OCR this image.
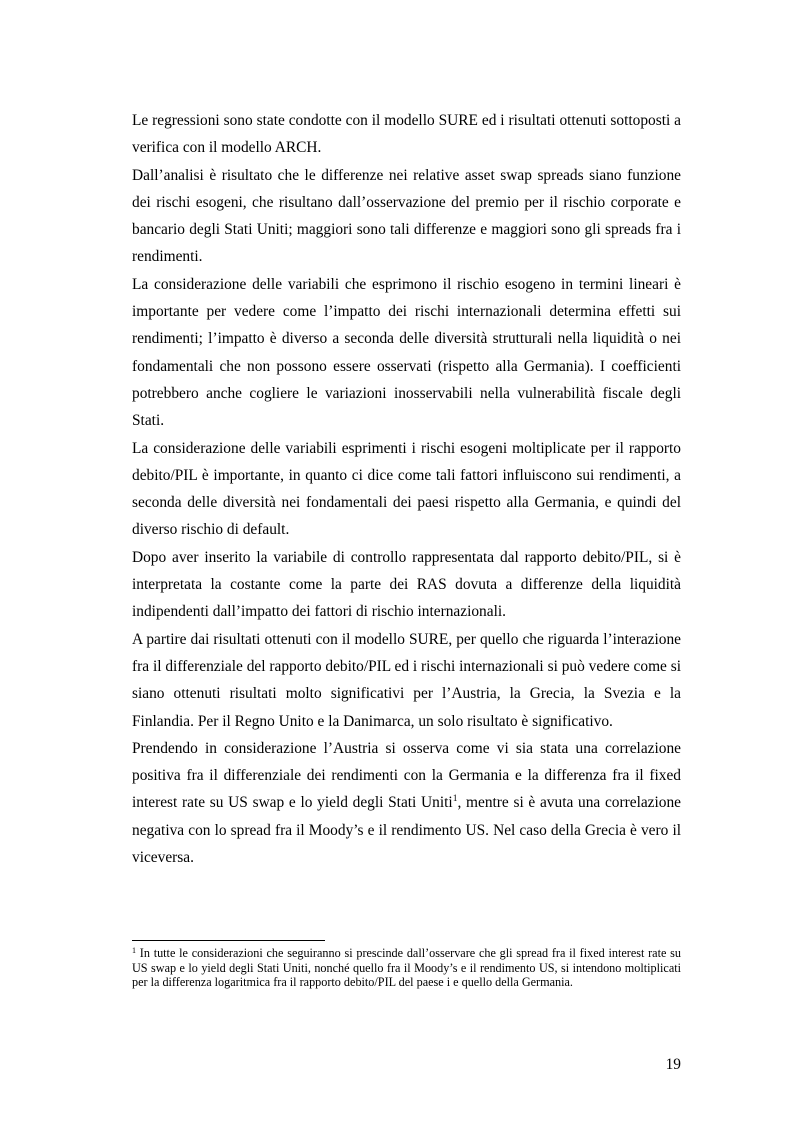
Le regressioni sono state condotte con il modello SURE ed i risultati ottenuti sottoposti a verifica con il modello ARCH.

Dall’analisi è risultato che le differenze nei relative asset swap spreads siano funzione dei rischi esogeni, che risultano dall’osservazione del premio per il rischio corporate e bancario degli Stati Uniti; maggiori sono tali differenze e maggiori sono gli spreads fra i rendimenti.

La considerazione delle variabili che esprimono il rischio esogeno in termini lineari è importante per vedere come l’impatto dei rischi internazionali determina effetti sui rendimenti; l’impatto è diverso a seconda delle diversità strutturali nella liquidità o nei fondamentali che non possono essere osservati (rispetto alla Germania). I coefficienti potrebbero anche cogliere le variazioni inosservabili nella vulnerabilità fiscale degli Stati.

La considerazione delle variabili esprimenti i rischi esogeni moltiplicate per il rapporto debito/PIL è importante, in quanto ci dice come tali fattori influiscono sui rendimenti, a seconda delle diversità nei fondamentali dei paesi rispetto alla Germania, e quindi del diverso rischio di default.

Dopo aver inserito la variabile di controllo rappresentata dal rapporto debito/PIL, si è interpretata la costante come la parte dei RAS dovuta a differenze della liquidità indipendenti dall’impatto dei fattori di rischio internazionali.

A partire dai risultati ottenuti con il modello SURE, per quello che riguarda l’interazione fra il differenziale del rapporto debito/PIL ed i rischi internazionali si può vedere come si siano ottenuti risultati molto significativi per l’Austria, la Grecia, la Svezia e la Finlandia. Per il Regno Unito e la Danimarca, un solo risultato è significativo.

Prendendo in considerazione l’Austria si osserva come vi sia stata una correlazione positiva fra il differenziale dei rendimenti con la Germania e la differenza fra il fixed interest rate su US swap e lo yield degli Stati Uniti$^1$, mentre si è avuta una correlazione negativa con lo spread fra il Moody’s e il rendimento US. Nel caso della Grecia è vero il viceversa.

$^1$ In tutte le considerazioni che seguiranno si prescinde dall’osservare che gli spread fra il fixed interest rate su US swap e lo yield degli Stati Uniti, nonché quello fra il Moody’s e il rendimento US, si intendono moltiplicati per la differenza logaritmica fra il rapporto debito/PIL del paese i e quello della Germania.
19
